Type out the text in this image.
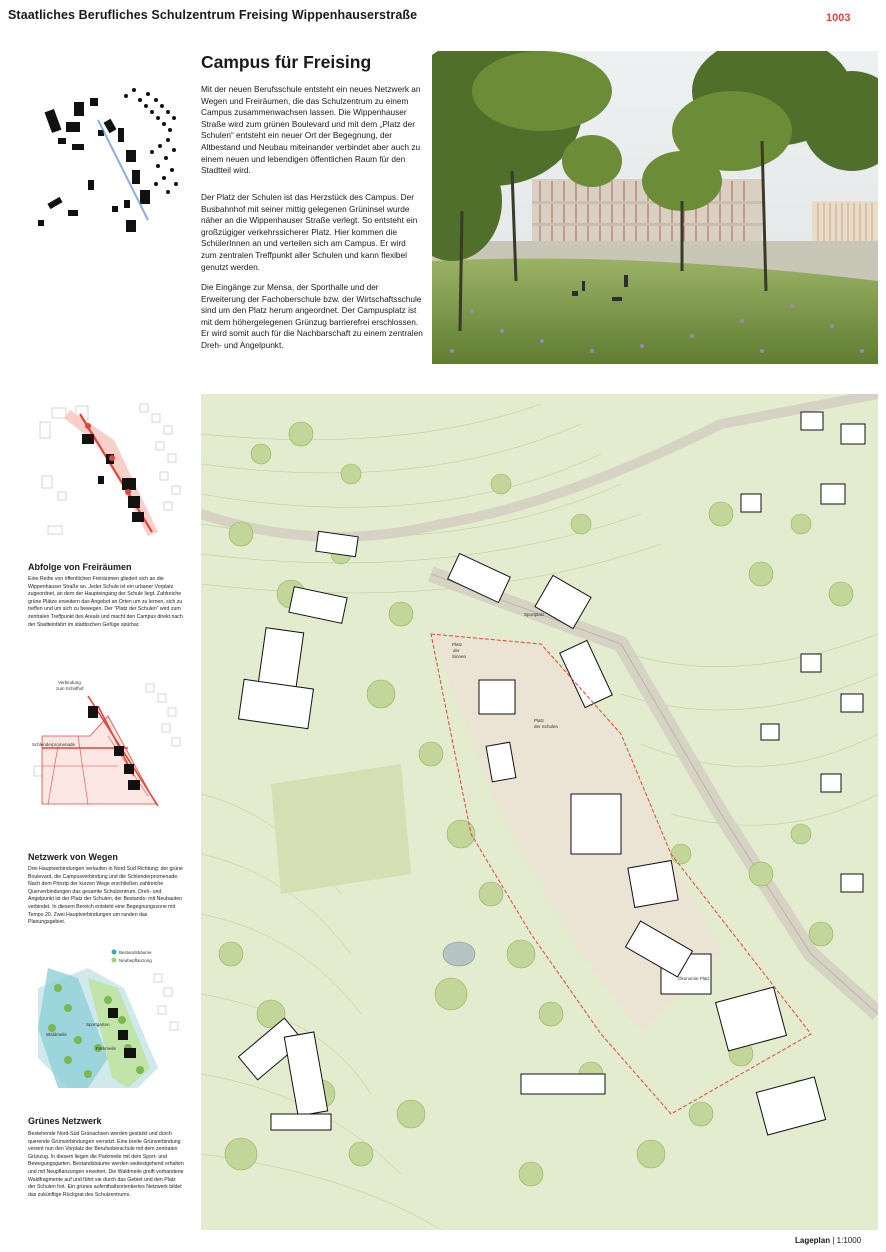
Staatliches Berufliches Schulzentrum Freising Wippenhauserstraße	1003
Campus für Freising

Mit der neuen Berufsschule entsteht ein neues Netzwerk an Wegen und Freiräumen, die das Schulzentrum zu einem Campus zusammenwachsen lassen. Die Wippenhauser Straße wird zum grünen Boulevard und mit dem „Platz der Schulen“ entsteht ein neuer Ort der Begegnung, der Altbestand und Neubau miteinander verbindet aber auch zu einem neuen und lebendigen öffentlichen Raum für den Stadtteil wird.

Der Platz der Schulen ist das Herzstück des Campus. Der Busbahnhof mit seiner mittig gelegenen Grüninsel wurde näher an die Wippenhauser Straße verlegt. So entsteht ein großzügiger verkehrssicherer Platz. Hier kommen die SchülerInnen an und verteilen sich am Campus. Er wird zum zentralen Treffpunkt aller Schulen und kann flexibel genutzt werden.

Die Eingänge zur Mensa, der Sporthalle und der Erweiterung der Fachoberschule bzw. der Wirtschaftsschule sind um den Platz herum angeordnet. Der Campusplatz ist mit dem höhergelegenen Grünzug barrierefrei erschlossen. Er wird somit auch für die Nachbarschaft zu einem zentralen Dreh- und Angelpunkt.

Abfolge von Freiräumen

Eine Reihe von öffentlichen Freiräumen gliedert sich an die Wippenhauser Straße an. Jeder Schule ist ein urbaner Vorplatz zugeordnet, an dem der Haupteingang der Schule liegt. Zahlreiche grüne Plätze erweitern das Angebot an Orten um zu lernen, sich zu treffen und um sich zu bewegen. Der "Platz der Schulen" wird zum zentralen Treffpunkt des Areals und macht den Campus direkt nach der Stadteinfahrt im städtischen Gefüge spürbar.

Verbindung
zum Schafhof
Schlenderpromenade
Netzwerk von Wegen

Drei Hauptverbindungen verlaufen in Nord Süd Richtung: der grüne Boulevard, die Campusverbindung und die Schlenderpromenade. Nach dem Prinzip der kurzen Wege erschließen zahlreiche Querverbindungen das gesamte Schulzentrum. Dreh- und Angelpunkt ist der Platz der Schulen, der Bestands- mit Neubauten verbindet. In diesem Bereich entsteht eine Begegnungszone mit Tempo 20. Zwei Hauptverbindungen um randen das Planungsgebiet.

Bestandsbäume
Neubepflanzung
Waldmeile
Sportgarten
Parkmeile
Grünes Netzwerk

Bestehende Nord-Süd Grünachsen werden gestärkt und durch querende Grünverbindungen vernetzt. Eine breite Grünverbindung vereint nun den Vorplatz der Berufsoberschule mit dem zentralen Grünzug. In diesem liegen die Parkmeile mit dem Sport- und Bewegungsgarten. Bestandsbäume werden weitestgehend erhalten und mit Neupflanzungen erweitert. Die Waldmeile greift vorhandene Waldfragmente auf und führt sie durch das Gebiet und den Platz der Schulen fort. Ein grünes aufenthaltsorientiertes Netzwerk bildet das zukünftige Rückgrat des Schulzentrums.

Platz
der
Sinnen
Platz
der Schulen
Ökonomie Platz
Sportplatz
Lageplan | 1:1000
